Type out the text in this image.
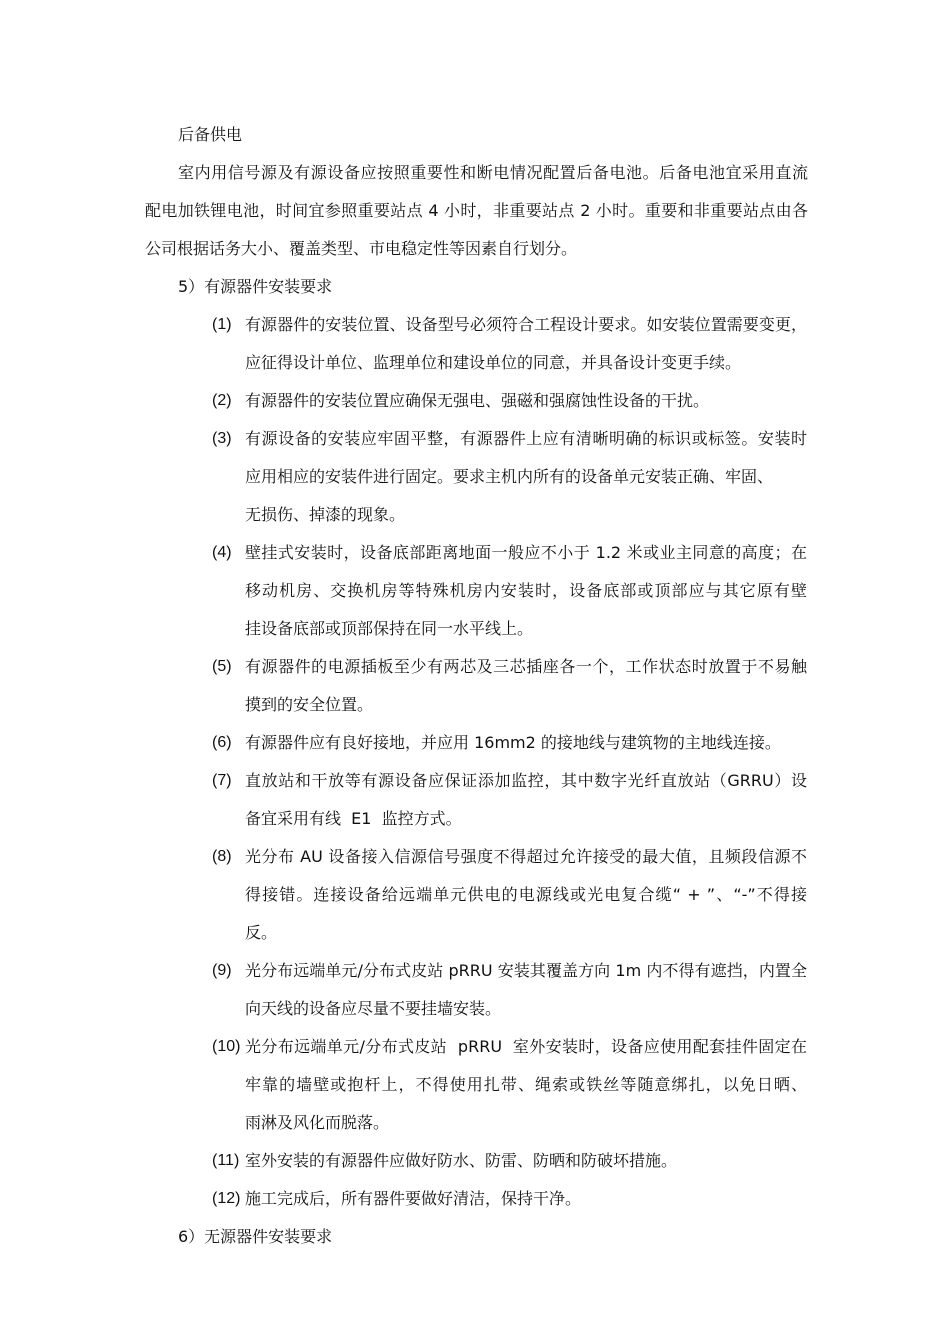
后备供电
室内用信号源及有源设备应按照重要性和断电情况配置后备电池。后备电池宜采用直流
配电加铁锂电池，时间宜参照重要站点 4 小时，非重要站点 2 小时。重要和非重要站点由各
公司根据话务大小、覆盖类型、市电稳定性等因素自行划分。
5）有源器件安装要求
(1) 有源器件的安装位置、设备型号必须符合工程设计要求。如安装位置需要变更，
应征得设计单位、监理单位和建设单位的同意，并具备设计变更手续。
(2) 有源器件的安装位置应确保无强电、强磁和强腐蚀性设备的干扰。
(3) 有源设备的安装应牢固平整，有源器件上应有清晰明确的标识或标签。安装时
应用相应的安装件进行固定。要求主机内所有的设备单元安装正确、牢固、
无损伤、掉漆的现象。
(4) 壁挂式安装时，设备底部距离地面一般应不小于 1.2 米或业主同意的高度；在
移动机房、交换机房等特殊机房内安装时，设备底部或顶部应与其它原有壁
挂设备底部或顶部保持在同一水平线上。
(5) 有源器件的电源插板至少有两芯及三芯插座各一个，工作状态时放置于不易触
摸到的安全位置。
(6) 有源器件应有良好接地，并应用 16mm2 的接地线与建筑物的主地线连接。
(7) 直放站和干放等有源设备应保证添加监控，其中数字光纤直放站（GRRU）设
备宜采用有线  E1  监控方式。
(8) 光分布 AU 设备接入信源信号强度不得超过允许接受的最大值，且频段信源不
得接错。连接设备给远端单元供电的电源线或光电复合缆“ + ”、“-”不得接
反。
(9) 光分布远端单元/分布式皮站 pRRU 安装其覆盖方向 1m 内不得有遮挡，内置全
向天线的设备应尽量不要挂墙安装。
(10) 光分布远端单元/分布式皮站  pRRU  室外安装时，设备应使用配套挂件固定在
牢靠的墙壁或抱杆上，不得使用扎带、绳索或铁丝等随意绑扎，以免日晒、
雨淋及风化而脱落。
(11) 室外安装的有源器件应做好防水、防雷、防晒和防破坏措施。
(12) 施工完成后，所有器件要做好清洁，保持干净。
6）无源器件安装要求
